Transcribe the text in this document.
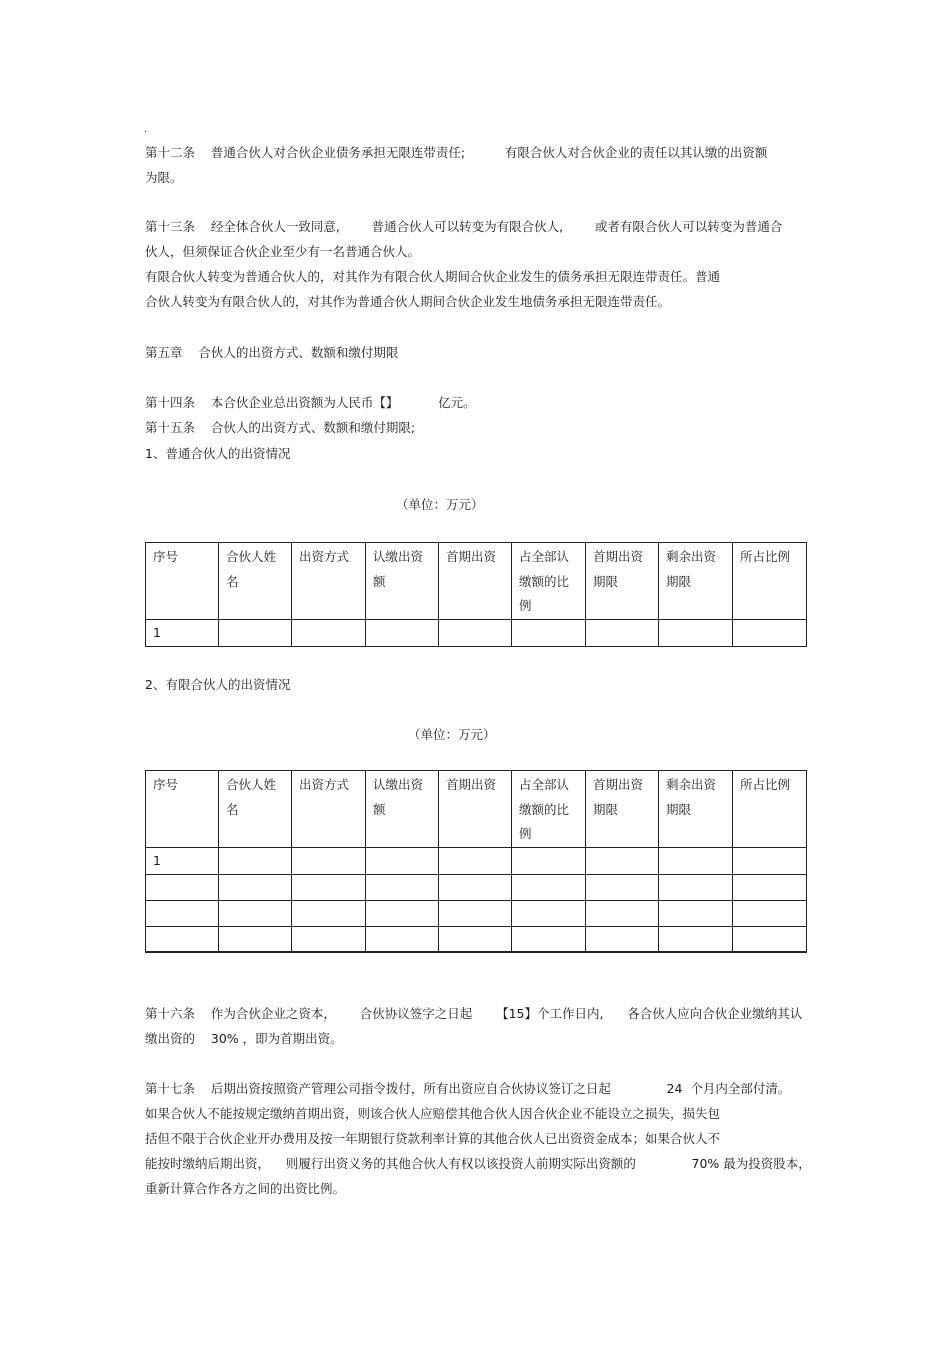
.
第十二条    普通合伙人对合伙企业债务承担无限连带责任;          有限合伙人对合伙企业的责任以其认缴的出资额
为限。
第十三条    经全体合伙人一致同意,        普通合伙人可以转变为有限合伙人,        或者有限合伙人可以转变为普通合
伙人，但须保证合伙企业至少有一名普通合伙人。
有限合伙人转变为普通合伙人的，对其作为有限合伙人期间合伙企业发生的债务承担无限连带责任。普通
合伙人转变为有限合伙人的，对其作为普通合伙人期间合伙企业发生地债务承担无限连带责任。
第五章    合伙人的出资方式、数额和缴付期限
第十四条    本合伙企业总出资额为人民币【】          亿元。
第十五条    合伙人的出资方式、数额和缴付期限;
1、普通合伙人的出资情况
（单位：万元）
序号	合伙人姓名	出资方式	认缴出资额	首期出资	占全部认缴额的比例	首期出资期限	剩余出资期限	所占比例
1								
2、有限合伙人的出资情况
（单位：万元）
序号	合伙人姓名	出资方式	认缴出资额	首期出资	占全部认缴额的比例	首期出资期限	剩余出资期限	所占比例
1								

第十六条    作为合伙企业之资本，      合伙协议签字之日起      【15】个工作日内,      各合伙人应向合伙企业缴纳其认
缴出资的    30% ，即为首期出资。
第十七条    后期出资按照资产管理公司指令拨付，所有出资应自合伙协议签订之日起              24  个月内全部付清。
如果合伙人不能按规定缴纳首期出资，则该合伙人应赔偿其他合伙人因合伙企业不能设立之损失，损失包
括但不限于合伙企业开办费用及按一年期银行贷款利率计算的其他合伙人已出资资金成本；如果合伙人不
能按时缴纳后期出资，    则履行出资义务的其他合伙人有权以该投资人前期实际出资额的              70% 最为投资股本，
重新计算合作各方之间的出资比例。
